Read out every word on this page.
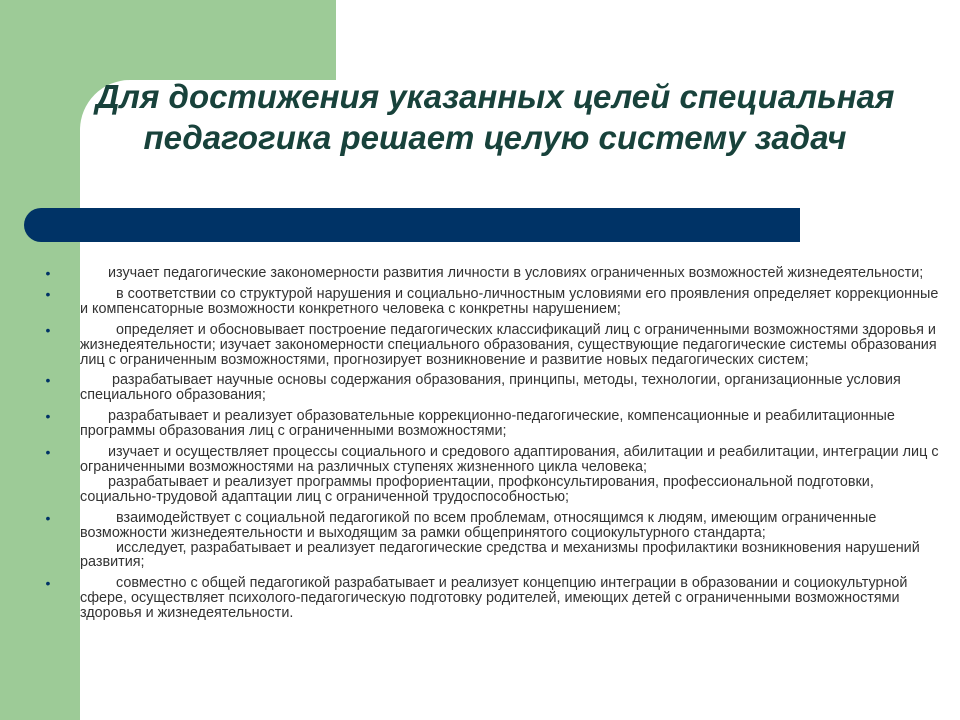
Для достижения указанных целей специальная педагогика решает целую систему задач
• изучает педагогические закономерности развития личности в условиях ограниченных возможностей жизнедеятельности;

• в соответствии со структурой нарушения и социально-личностным условиями его проявления определяет коррекционные и компенсаторные возможности конкретного человека с конкретны нарушением;

• определяет и обосновывает построение педагогических классификаций лиц с ограниченными возможностями здоровья и жизнедеятельности; изучает закономерности специального образования, существующие педагогические системы образования лиц с ограниченным возможностями, прогнозирует возникновение и развитие новых педагогических систем;

• разрабатывает научные основы содержания образования, принципы, методы, технологии, организационные условия специального образования;

• разрабатывает и реализует образовательные коррекционно-педагогические, компенсационные и реабилитационные программы образования лиц с ограниченными возможностями;

• изучает и осуществляет процессы социального и средового адаптирования, абилитации и реабилитации, интеграции лиц с ограниченными возможностями на различных ступенях жизненного цикла человека;

разрабатывает и реализует программы профориентации, профконсультирования, профессиональной подготовки, социально-трудовой адаптации лиц с ограниченной трудоспособностью;

• взаимодействует с социальной педагогикой по всем проблемам, относящимся к людям, имеющим ограниченные возможности жизнедеятельности и выходящим за рамки общепринятого социокультурного стандарта;

исследует, разрабатывает и реализует педагогические средства и механизмы профилактики возникновения нарушений развития;

• совместно с общей педагогикой разрабатывает и реализует концепцию интеграции в образовании и социокультурной сфере, осуществляет психолого-педагогическую подготовку родителей, имеющих детей с ограниченными возможностями здоровья и жизнедеятельности.
